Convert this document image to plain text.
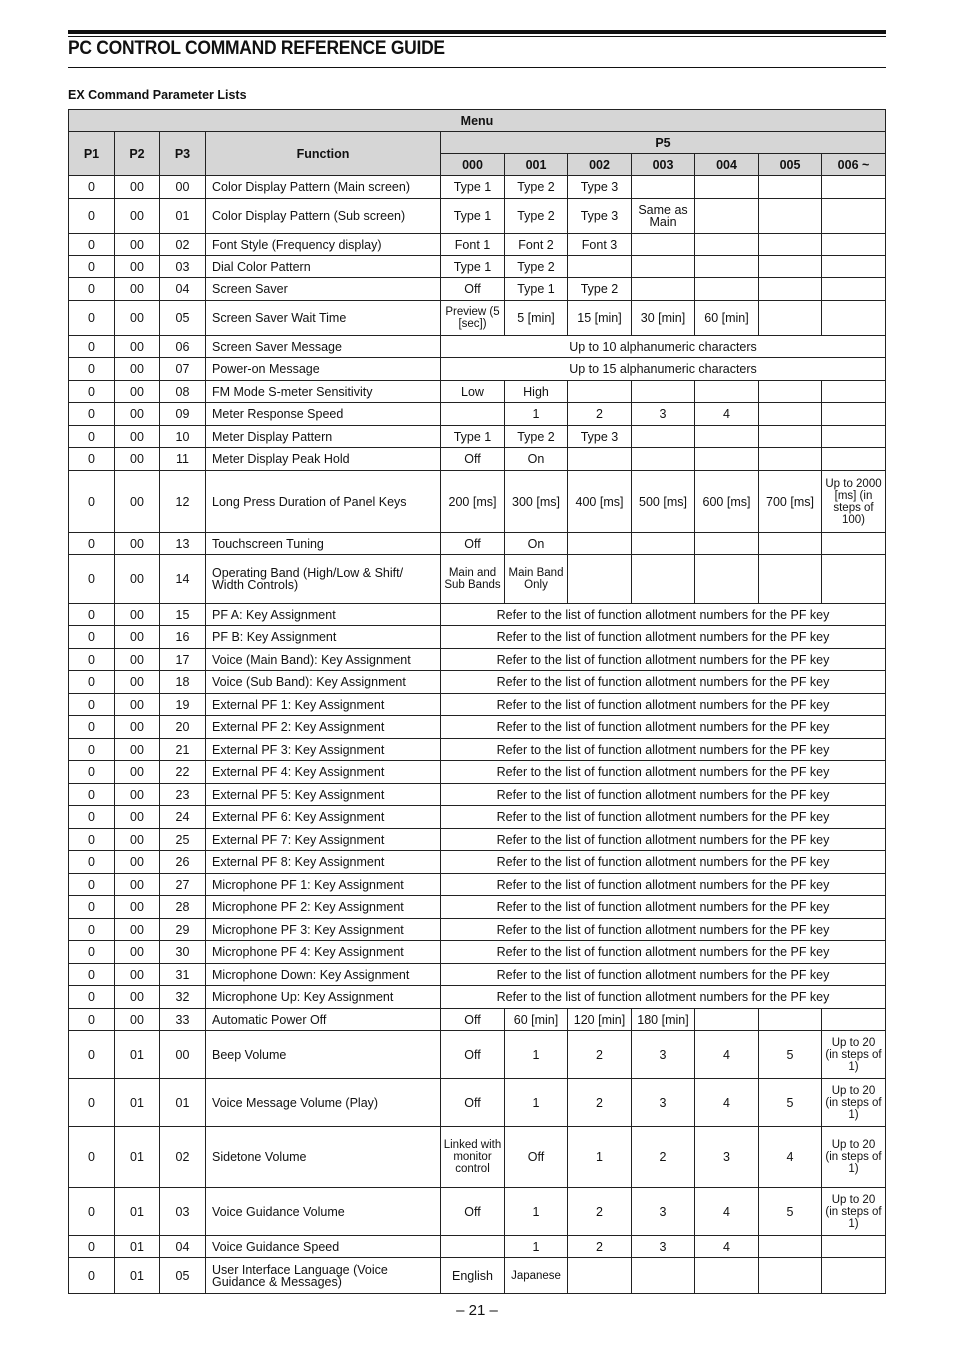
PC CONTROL COMMAND REFERENCE GUIDE
EX Command Parameter Lists
Menu										
P1	P2	P3	Function	P5						
				000	001	002	003	004	005	006 ~
0	00	00	Color Display Pattern (Main screen)	Type 1	Type 2	Type 3				
0	00	01	Color Display Pattern (Sub screen)	Type 1	Type 2	Type 3	Same as Main			
0	00	02	Font Style (Frequency display)	Font 1	Font 2	Font 3				
0	00	03	Dial Color Pattern	Type 1	Type 2					
0	00	04	Screen Saver	Off	Type 1	Type 2				
0	00	05	Screen Saver Wait Time	Preview (5 [sec])	5 [min]	15 [min]	30 [min]	60 [min]		
0	00	06	Screen Saver Message	Up to 10 alphanumeric characters						
0	00	07	Power-on Message	Up to 15 alphanumeric characters						
0	00	08	FM Mode S-meter Sensitivity	Low	High					
0	00	09	Meter Response Speed		1	2	3	4		
0	00	10	Meter Display Pattern	Type 1	Type 2	Type 3				
0	00	11	Meter Display Peak Hold	Off	On					
0	00	12	Long Press Duration of Panel Keys	200 [ms]	300 [ms]	400 [ms]	500 [ms]	600 [ms]	700 [ms]	Up to 2000 [ms] (in steps of 100)
0	00	13	Touchscreen Tuning	Off	On					
0	00	14	Operating Band (High/Low & Shift/ Width Controls)	Main and Sub Bands	Main Band Only					
0	00	15	PF A: Key Assignment	Refer to the list of function allotment numbers for the PF key						
0	00	16	PF B: Key Assignment	Refer to the list of function allotment numbers for the PF key						
0	00	17	Voice (Main Band): Key Assignment	Refer to the list of function allotment numbers for the PF key						
0	00	18	Voice (Sub Band): Key Assignment	Refer to the list of function allotment numbers for the PF key						
0	00	19	External PF 1: Key Assignment	Refer to the list of function allotment numbers for the PF key						
0	00	20	External PF 2: Key Assignment	Refer to the list of function allotment numbers for the PF key						
0	00	21	External PF 3: Key Assignment	Refer to the list of function allotment numbers for the PF key						
0	00	22	External PF 4: Key Assignment	Refer to the list of function allotment numbers for the PF key						
0	00	23	External PF 5: Key Assignment	Refer to the list of function allotment numbers for the PF key						
0	00	24	External PF 6: Key Assignment	Refer to the list of function allotment numbers for the PF key						
0	00	25	External PF 7: Key Assignment	Refer to the list of function allotment numbers for the PF key						
0	00	26	External PF 8: Key Assignment	Refer to the list of function allotment numbers for the PF key						
0	00	27	Microphone PF 1: Key Assignment	Refer to the list of function allotment numbers for the PF key						
0	00	28	Microphone PF 2: Key Assignment	Refer to the list of function allotment numbers for the PF key						
0	00	29	Microphone PF 3: Key Assignment	Refer to the list of function allotment numbers for the PF key						
0	00	30	Microphone PF 4: Key Assignment	Refer to the list of function allotment numbers for the PF key						
0	00	31	Microphone Down: Key Assignment	Refer to the list of function allotment numbers for the PF key						
0	00	32	Microphone Up: Key Assignment	Refer to the list of function allotment numbers for the PF key						
0	00	33	Automatic Power Off	Off	60 [min]	120 [min]	180 [min]			
0	01	00	Beep Volume	Off	1	2	3	4	5	Up to 20 (in steps of 1)
0	01	01	Voice Message Volume (Play)	Off	1	2	3	4	5	Up to 20 (in steps of 1)
0	01	02	Sidetone Volume	Linked with monitor control	Off	1	2	3	4	Up to 20 (in steps of 1)
0	01	03	Voice Guidance Volume	Off	1	2	3	4	5	Up to 20 (in steps of 1)
0	01	04	Voice Guidance Speed		1	2	3	4		
0	01	05	User Interface Language (Voice Guidance & Messages)	English	Japanese					
– 21 –
